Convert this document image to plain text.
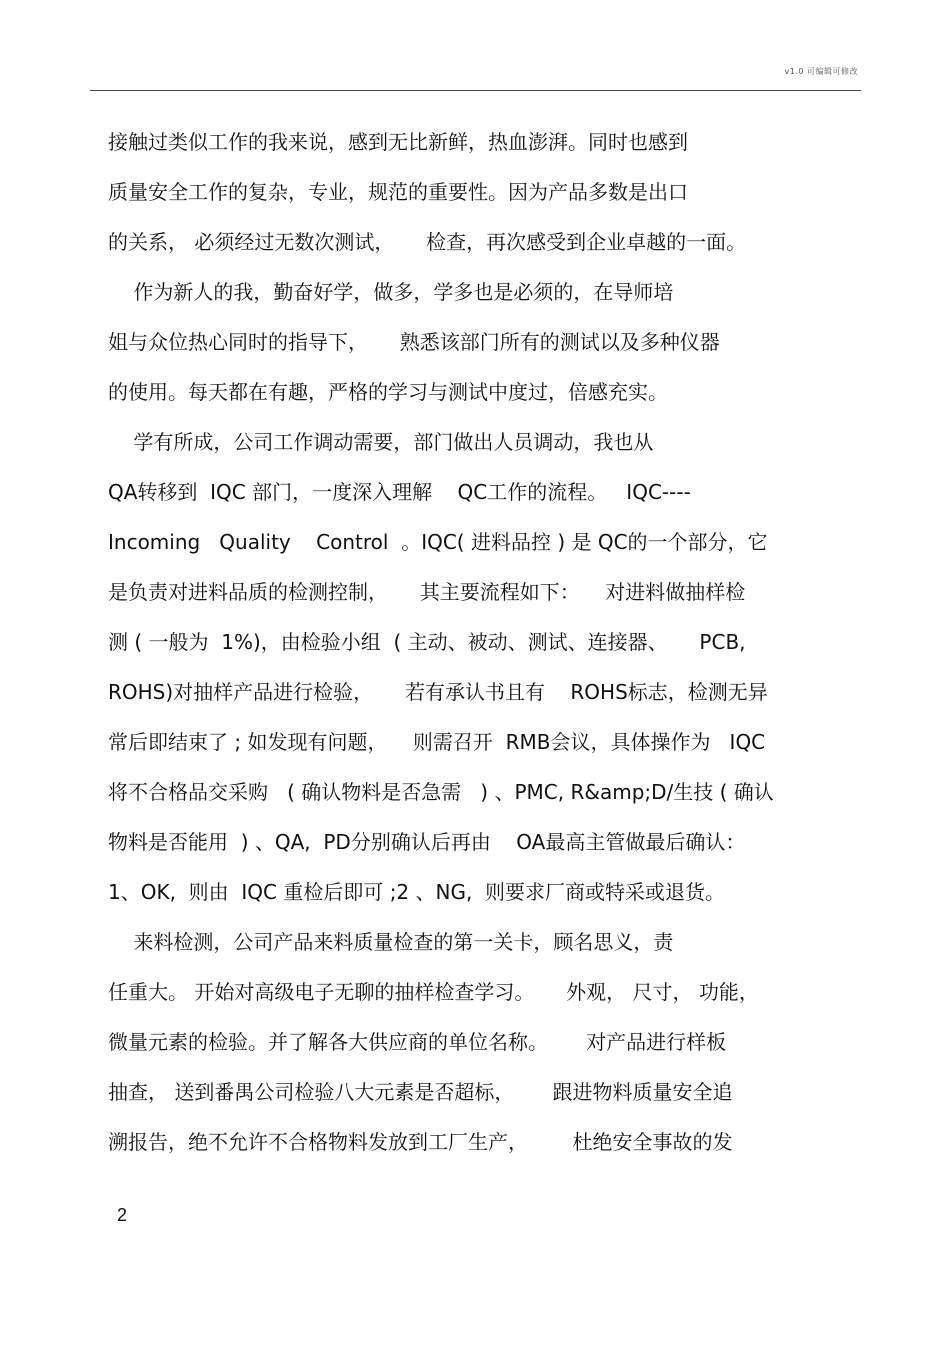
v1.0 可编辑可修改
接触过类似工作的我来说，感到无比新鲜，热血澎湃。同时也感到
质量安全工作的复杂，专业，规范的重要性。因为产品多数是出口
的关系， 必须经过无数次测试，     检查，再次感受到企业卓越的一面。
作为新人的我，勤奋好学，做多，学多也是必须的，在导师培
姐与众位热心同时的指导下，     熟悉该部门所有的测试以及多种仪器
的使用。每天都在有趣，严格的学习与测试中度过，倍感充实。
学有所成，公司工作调动需要，部门做出人员调动，我也从
QA转移到  IQC 部门，一度深入理解    QC工作的流程。   IQC----
Incoming   Quality    Control  。IQC( 进料品控 ) 是 QC的一个部分，它
是负责对进料品质的检测控制，     其主要流程如下：    对进料做抽样检
测 ( 一般为  1%)，由检验小组  ( 主动、被动、测试、连接器、     PCB,
ROHS)对抽样产品进行检验，     若有承认书且有    ROHS标志，检测无异
常后即结束了 ; 如发现有问题，    则需召开  RMB会议，具体操作为   IQC
将不合格品交采购   ( 确认物料是否急需   ) 、PMC, R&amp;D/生技 ( 确认
物料是否能用  ) 、QA,  PD分别确认后再由    OA最高主管做最后确认：
1、OK,  则由  IQC 重检后即可 ;2 、NG,  则要求厂商或特采或退货。
来料检测，公司产品来料质量检查的第一关卡，顾名思义，责
任重大。 开始对高级电子无聊的抽样检查学习。     外观， 尺寸， 功能，
微量元素的检验。并了解各大供应商的单位名称。      对产品进行样板
抽查， 送到番禺公司检验八大元素是否超标，      跟进物料质量安全追
溯报告，绝不允许不合格物料发放到工厂生产，       杜绝安全事故的发
2
